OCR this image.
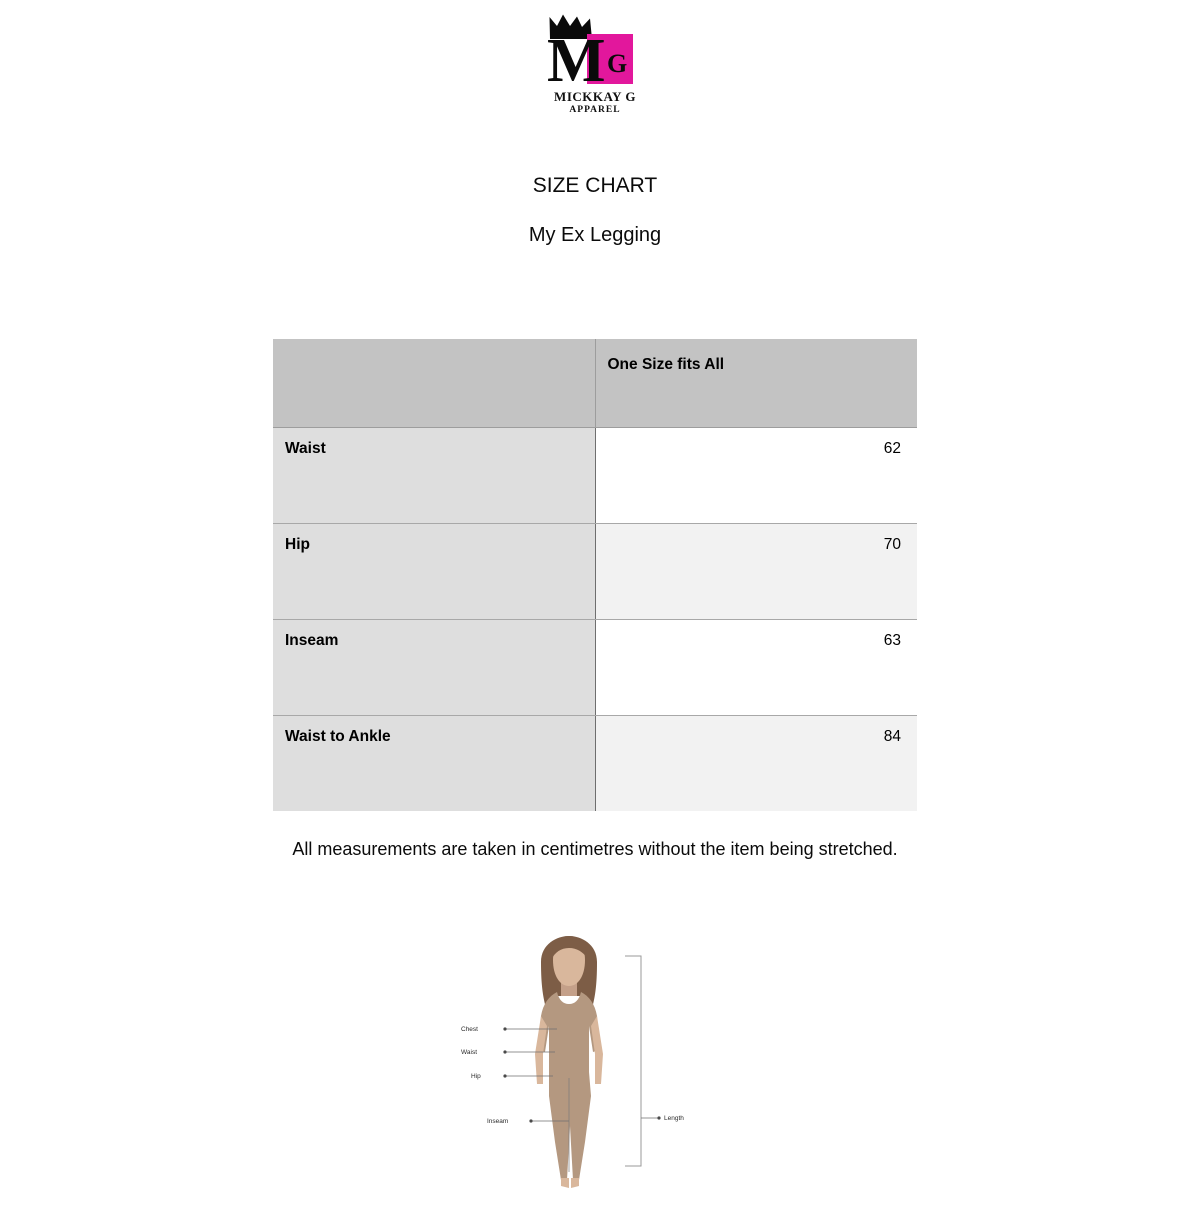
M G
MICKKAY G
APPAREL
SIZE CHART
My Ex Legging

	One Size fits All

Waist	62

Hip	70

Inseam	63

Waist to Ankle	84
All measurements are taken in centimetres without the item being stretched.
Length
Chest
Waist
Hip
Inseam
